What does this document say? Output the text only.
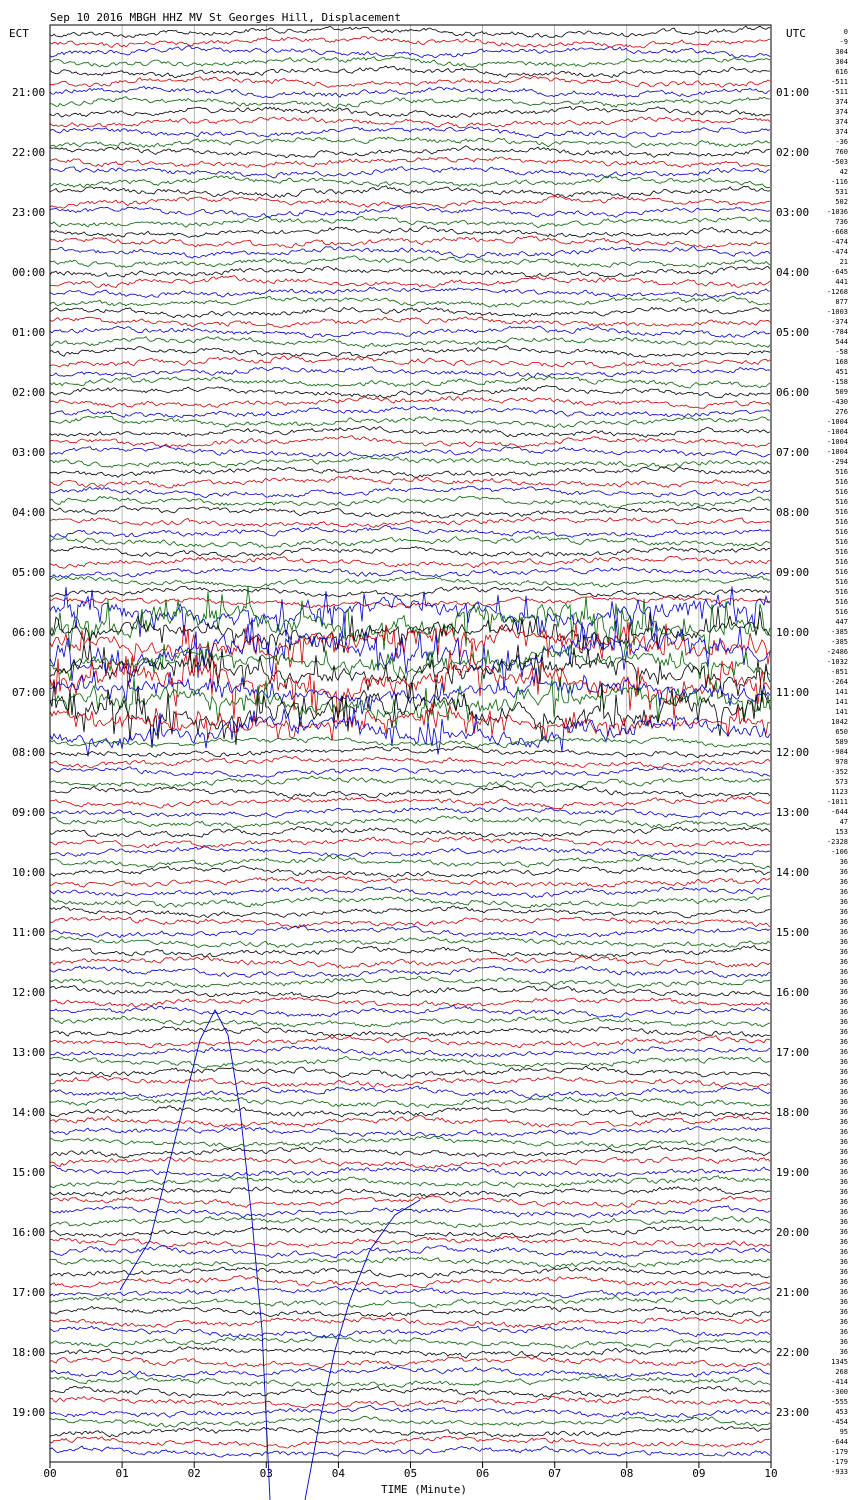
Sep 10 2016 MBGH HHZ MV St Georges Hill, Displacement
ECT	UTC
TIME (Minute)
00	01	02	03	04	05	06	07	08	09	10
21:00
22:00
23:00
00:00
01:00
02:00
03:00
04:00
05:00
06:00
07:00
08:00
09:00
10:00
11:00
12:00
13:00
14:00
15:00
16:00
17:00
18:00
19:00
01:00
02:00
03:00
04:00
05:00
06:00
07:00
08:00
09:00
10:00
11:00
12:00
13:00
14:00
15:00
16:00
17:00
18:00
19:00
20:00
21:00
22:00
23:00
0
-9
304
304
616
-511
-511
374
374
374
374
-36
760
-503
42
-116
531
502
-1036
736
-668
-474
-474
21
-645
441
-1268
877
-1003
-374
-784
544
-58
168
451
-158
509
-430
276
-1004
-1004
-1004
-1004
-294
516
516
516
516
516
516
516
516
516
516
516
516
516
516
516
447
-385
-385
-2486
-1032
-851
-264
141
141
141
1042
650
589
-984
978
-352
573
1123
-1011
-644
47
153
-2328
-106
36
36
36
36
36
36
36
36
36
36
36
36
36
36
36
36
36
36
36
36
36
36
36
36
36
36
36
36
36
36
36
36
36
36
36
36
36
36
36
36
36
36
36
36
36
36
36
36
36
36
1345
268
-414
-300
-555
453
-454
95
-644
-179
-179
-933
